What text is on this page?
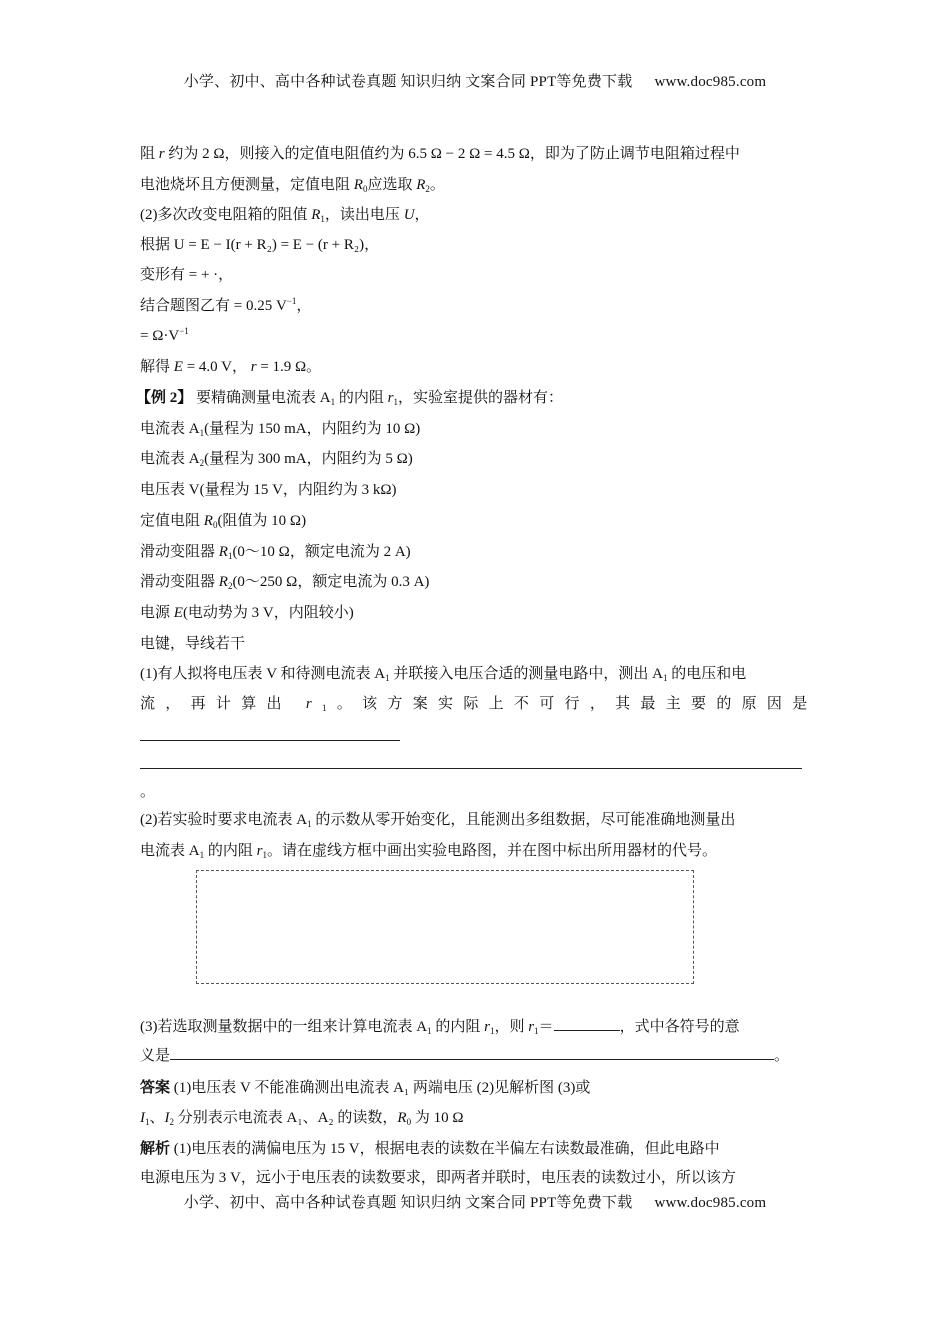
小学、初中、高中各种试卷真题 知识归纳 文案合同 PPT等免费下载 www.doc985.com
阻 r 约为 2 Ω，则接入的定值电阻值约为 6.5 Ω − 2 Ω = 4.5 Ω，即为了防止调节电阻箱过程中
电池烧坏且方便测量，定值电阻 $R_0$应选取 $R_2$。
(2)多次改变电阻箱的阻值 $R_1$，读出电压 U，
根据 U = E − I(r + R₂) = E − (r + R₂)，
变形有 = + ·，
结合题图乙有 = 0.25 $V^{-1}$，
= $\Omega\cdot V^{-1}$
解得 E = 4.0 V， r = 1.9 Ω。
【例 2】 要精确测量电流表 $A_1$ 的内阻 $r_1$，实验室提供的器材有：
电流表 $A_1$(量程为 150 mA，内阻约为 10 Ω)
电流表 $A_2$(量程为 300 mA，内阻约为 5 Ω)
电压表 V(量程为 15 V，内阻约为 3 kΩ)
定值电阻 $R_0$(阻值为 10 Ω)
滑动变阻器 $R_1(0\sim 10$ Ω，额定电流为 2 A)
滑动变阻器 $R_2(0\sim 250$ Ω，额定电流为 0.3 A)
电源 E(电动势为 3 V，内阻较小)
电键，导线若干
(1)有人拟将电压表 V 和待测电流表 $A_1$ 并联接入电压合适的测量电路中，测出 $A_1$ 的电压和电
流，再计算出 $r_1$。该方案实际上不可行，其最主要的原因是
。
(2)若实验时要求电流表 $A_1$ 的示数从零开始变化，且能测出多组数据，尽可能准确地测量出
电流表 $A_1$ 的内阻 $r_1$。请在虚线方框中画出实验电路图，并在图中标出所用器材的代号。
(3)若选取测量数据中的一组来计算电流表 $A_1$ 的内阻 $r_1$，则 $r_1=$	，式中各符号的意
义是	。
答案 (1)电压表 V 不能准确测出电流表 A₁ 两端电压 (2)见解析图 (3)或
$I_1$、$I_2$ 分别表示电流表 A₁、A₂ 的读数，$R_0$ 为 10 Ω
解析 (1)电压表的满偏电压为 15 V，根据电表的读数在半偏左右读数最准确，但此电路中
电源电压为 3 V，远小于电压表的读数要求，即两者并联时，电压表的读数过小，所以该方
小学、初中、高中各种试卷真题 知识归纳 文案合同 PPT等免费下载 www.doc985.com
